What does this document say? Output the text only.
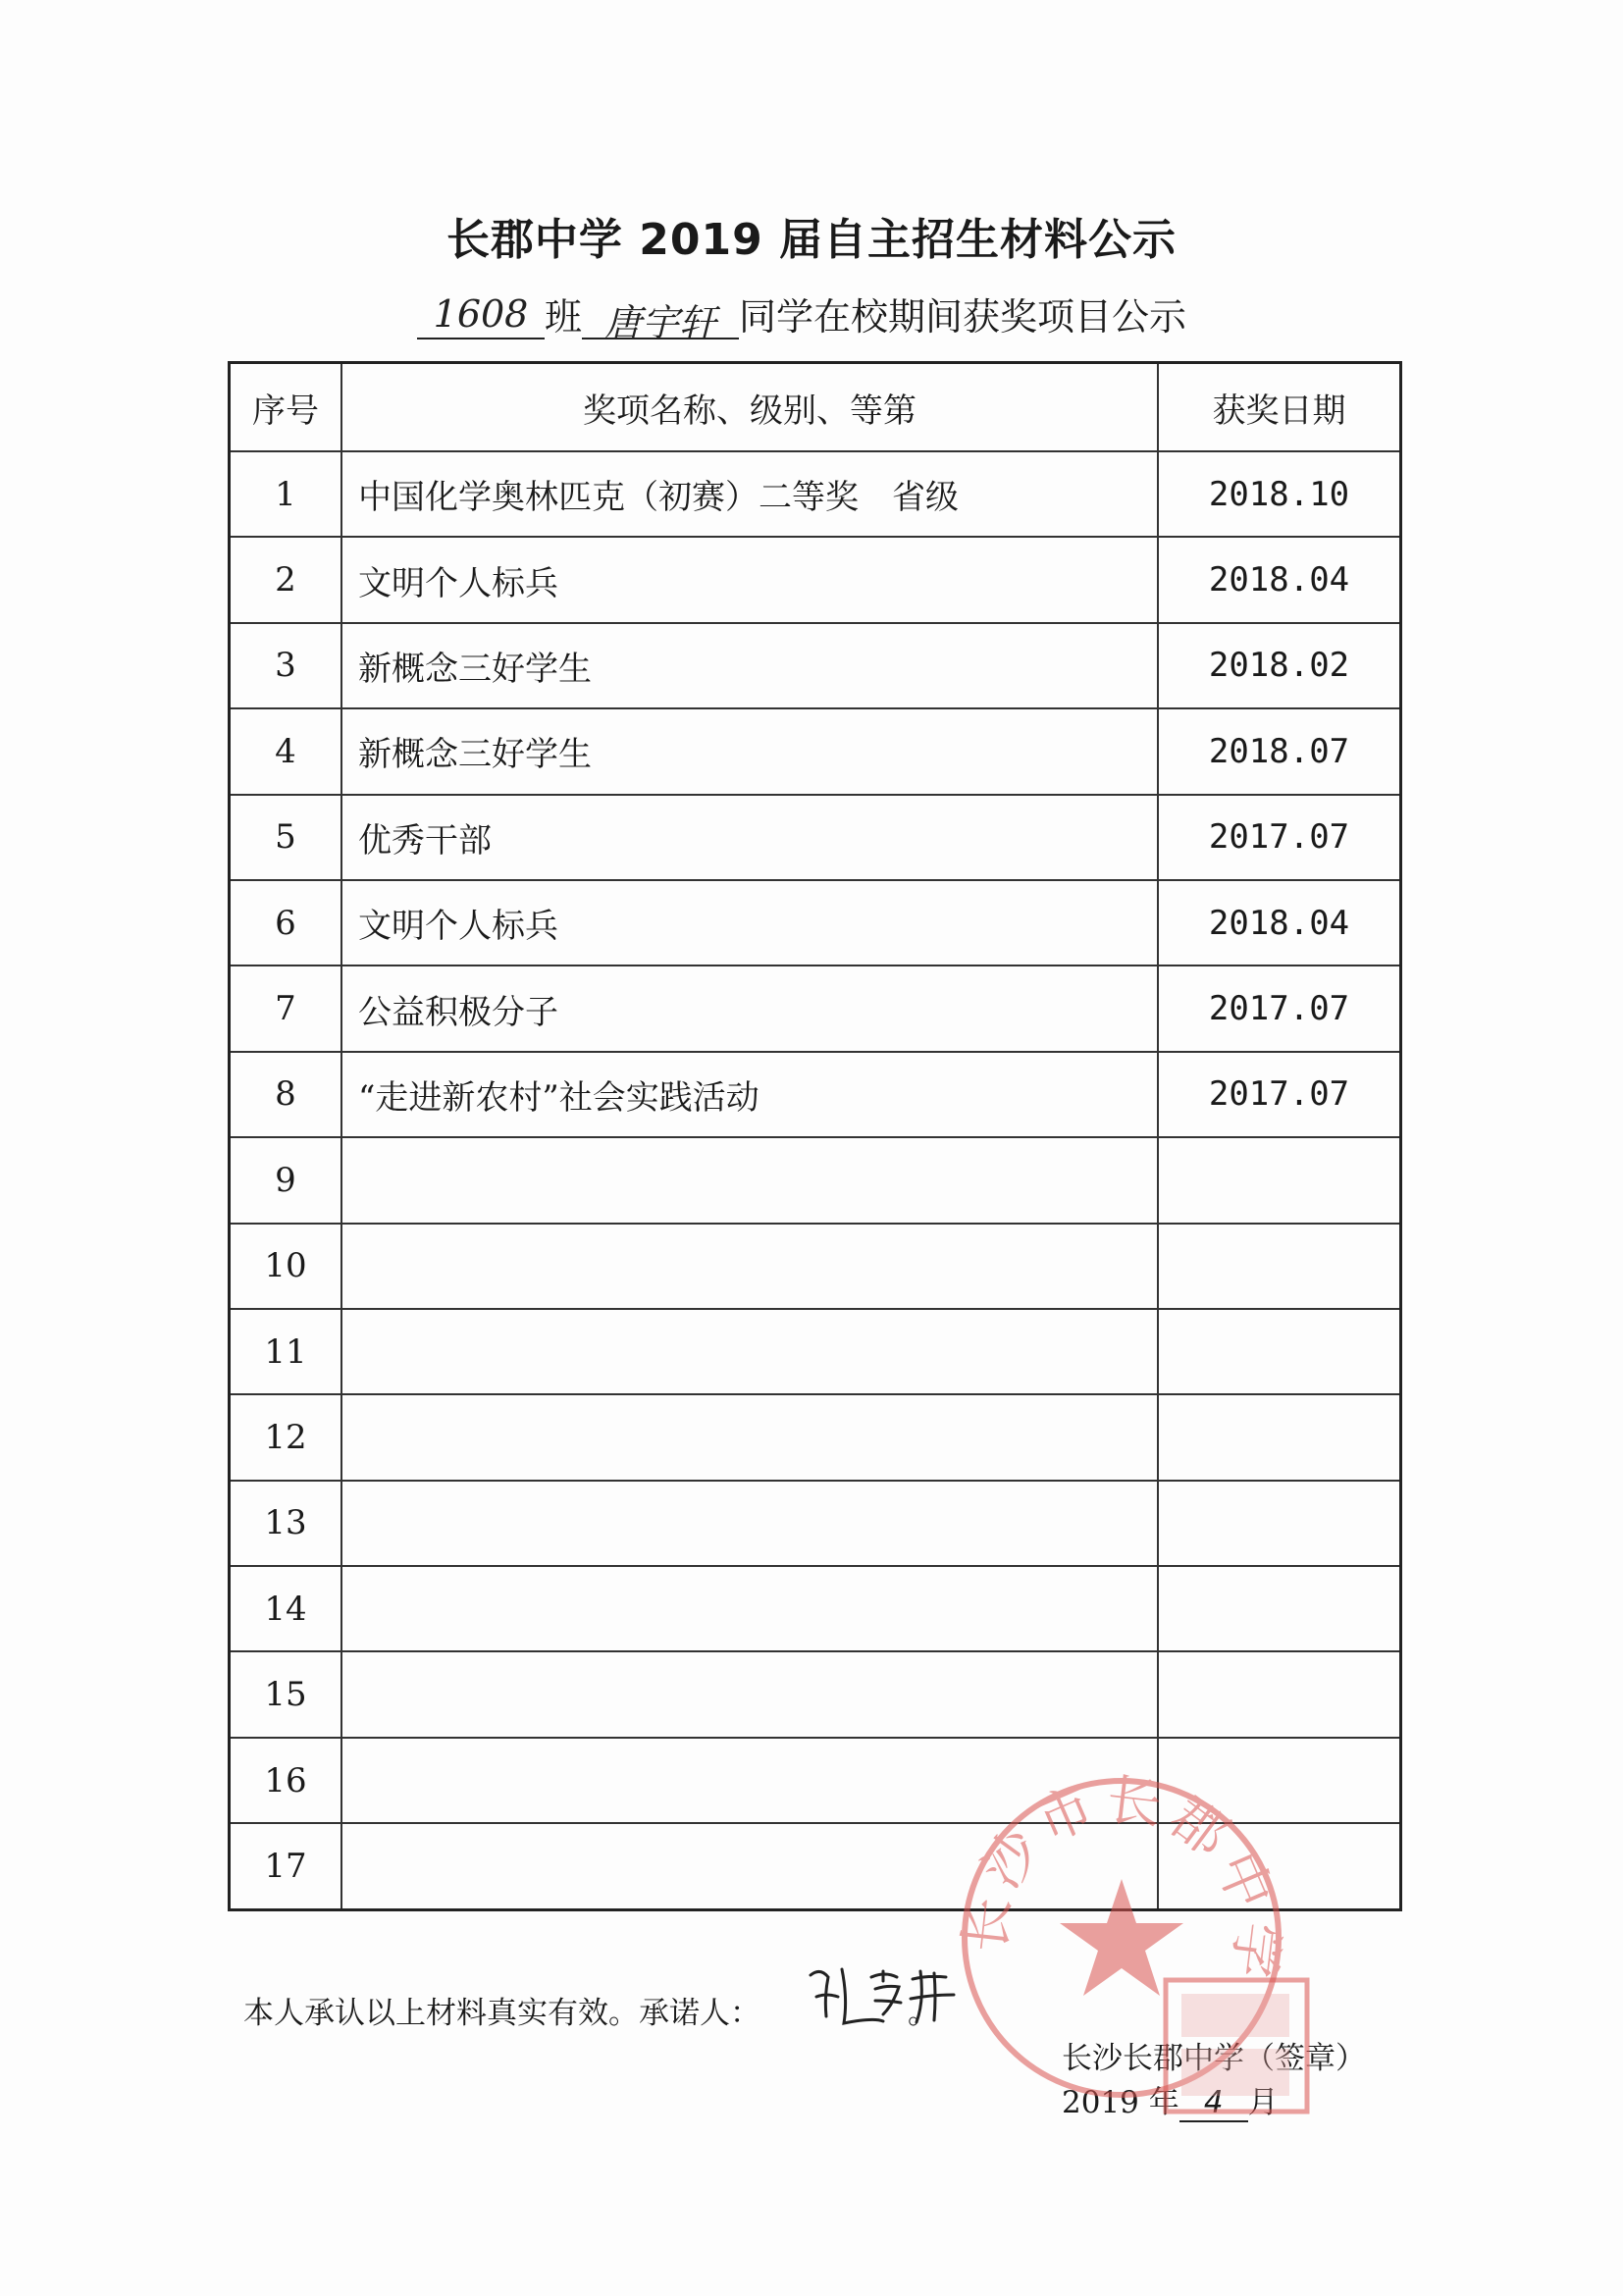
长郡中学 2019 届自主招生材料公示
1608 班 唐宇轩 同学在校期间获奖项目公示
序号	奖项名称、级别、等第	获奖日期
1	中国化学奥林匹克（初赛）二等奖　省级	2018.10
2	文明个人标兵	2018.04
3	新概念三好学生	2018.02
4	新概念三好学生	2018.07
5	优秀干部	2017.07
6	文明个人标兵	2018.04
7	公益积极分子	2017.07
8	“走进新农村”社会实践活动	2017.07
9		
10		
11		
12		
13		
14		
15		
16		
17		
本人承认以上材料真实有效。承诺人：	。
长沙长郡中学（签章）
2019 年 4 月
长沙市长郡中学
